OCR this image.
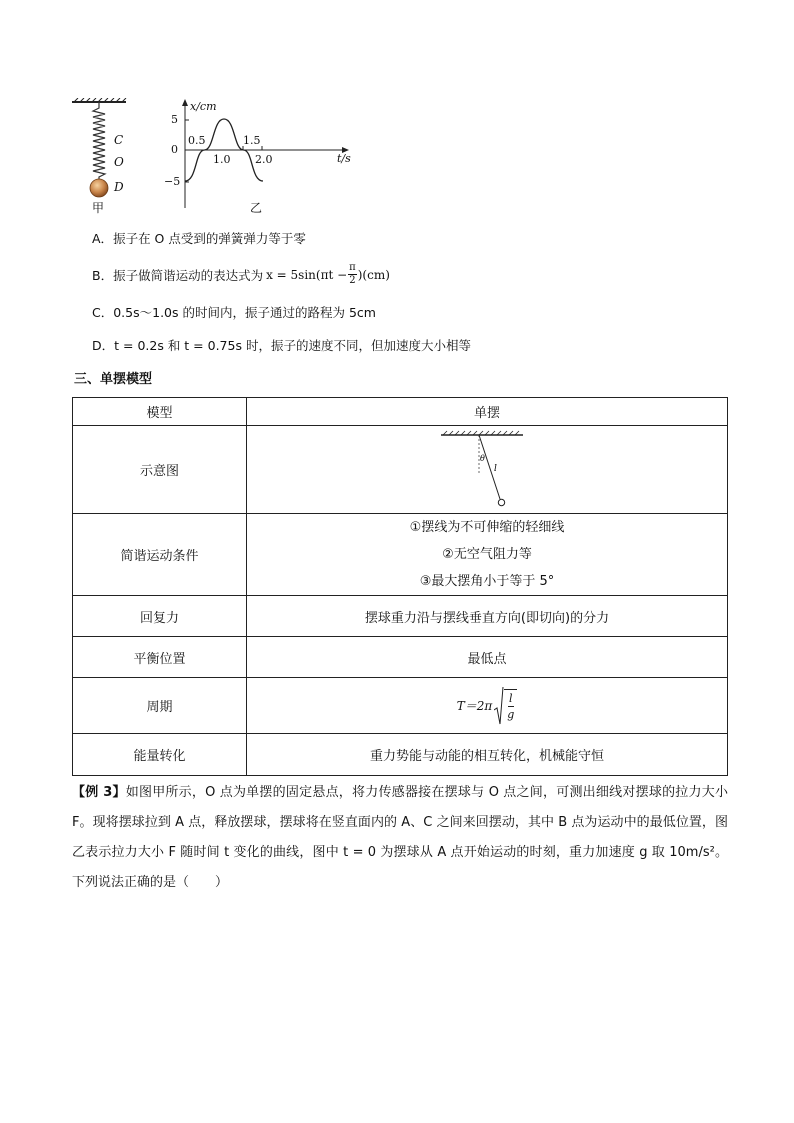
C
O
D
甲
x/cm
t/s
5
0
−5
0.5	1.5
1.0 2.0
乙
A．振子在 O 点受到的弹簧弹力等于零
B． 振子做简谐运动的表达式为 $x = 5\sin(\pi t - \frac{\pi}{2} )(cm)$
C．0.5s～1.0s 的时间内，振子通过的路程为 5cm
D．t = 0.2s 和 t = 0.75s 时，振子的速度不同，但加速度大小相等
三、单摆模型
模型	单摆
示意图	θ
l

简谐运动条件	①摆线为不可伸缩的轻细线
②无空气阻力等
③最大摆角小于等于 5°

回复力	摆球重力沿与摆线垂直方向(即切向)的分力
平衡位置	最低点
周期	$T=2\pi \frac{l}{g}$

能量转化	重力势能与动能的相互转化，机械能守恒
【例 3】如图甲所示，O 点为单摆的固定悬点，将力传感器接在摆球与 O 点之间，可测出细线对摆球的拉力大小 F。现将摆球拉到 A 点，释放摆球，摆球将在竖直面内的 A、C 之间来回摆动，其中 B 点为运动中的最低位置，图乙表示拉力大小 F 随时间 t 变化的曲线，图中 t = 0 为摆球从 A 点开始运动的时刻，重力加速度 g 取 10m/s²。下列说法正确的是（　　）
